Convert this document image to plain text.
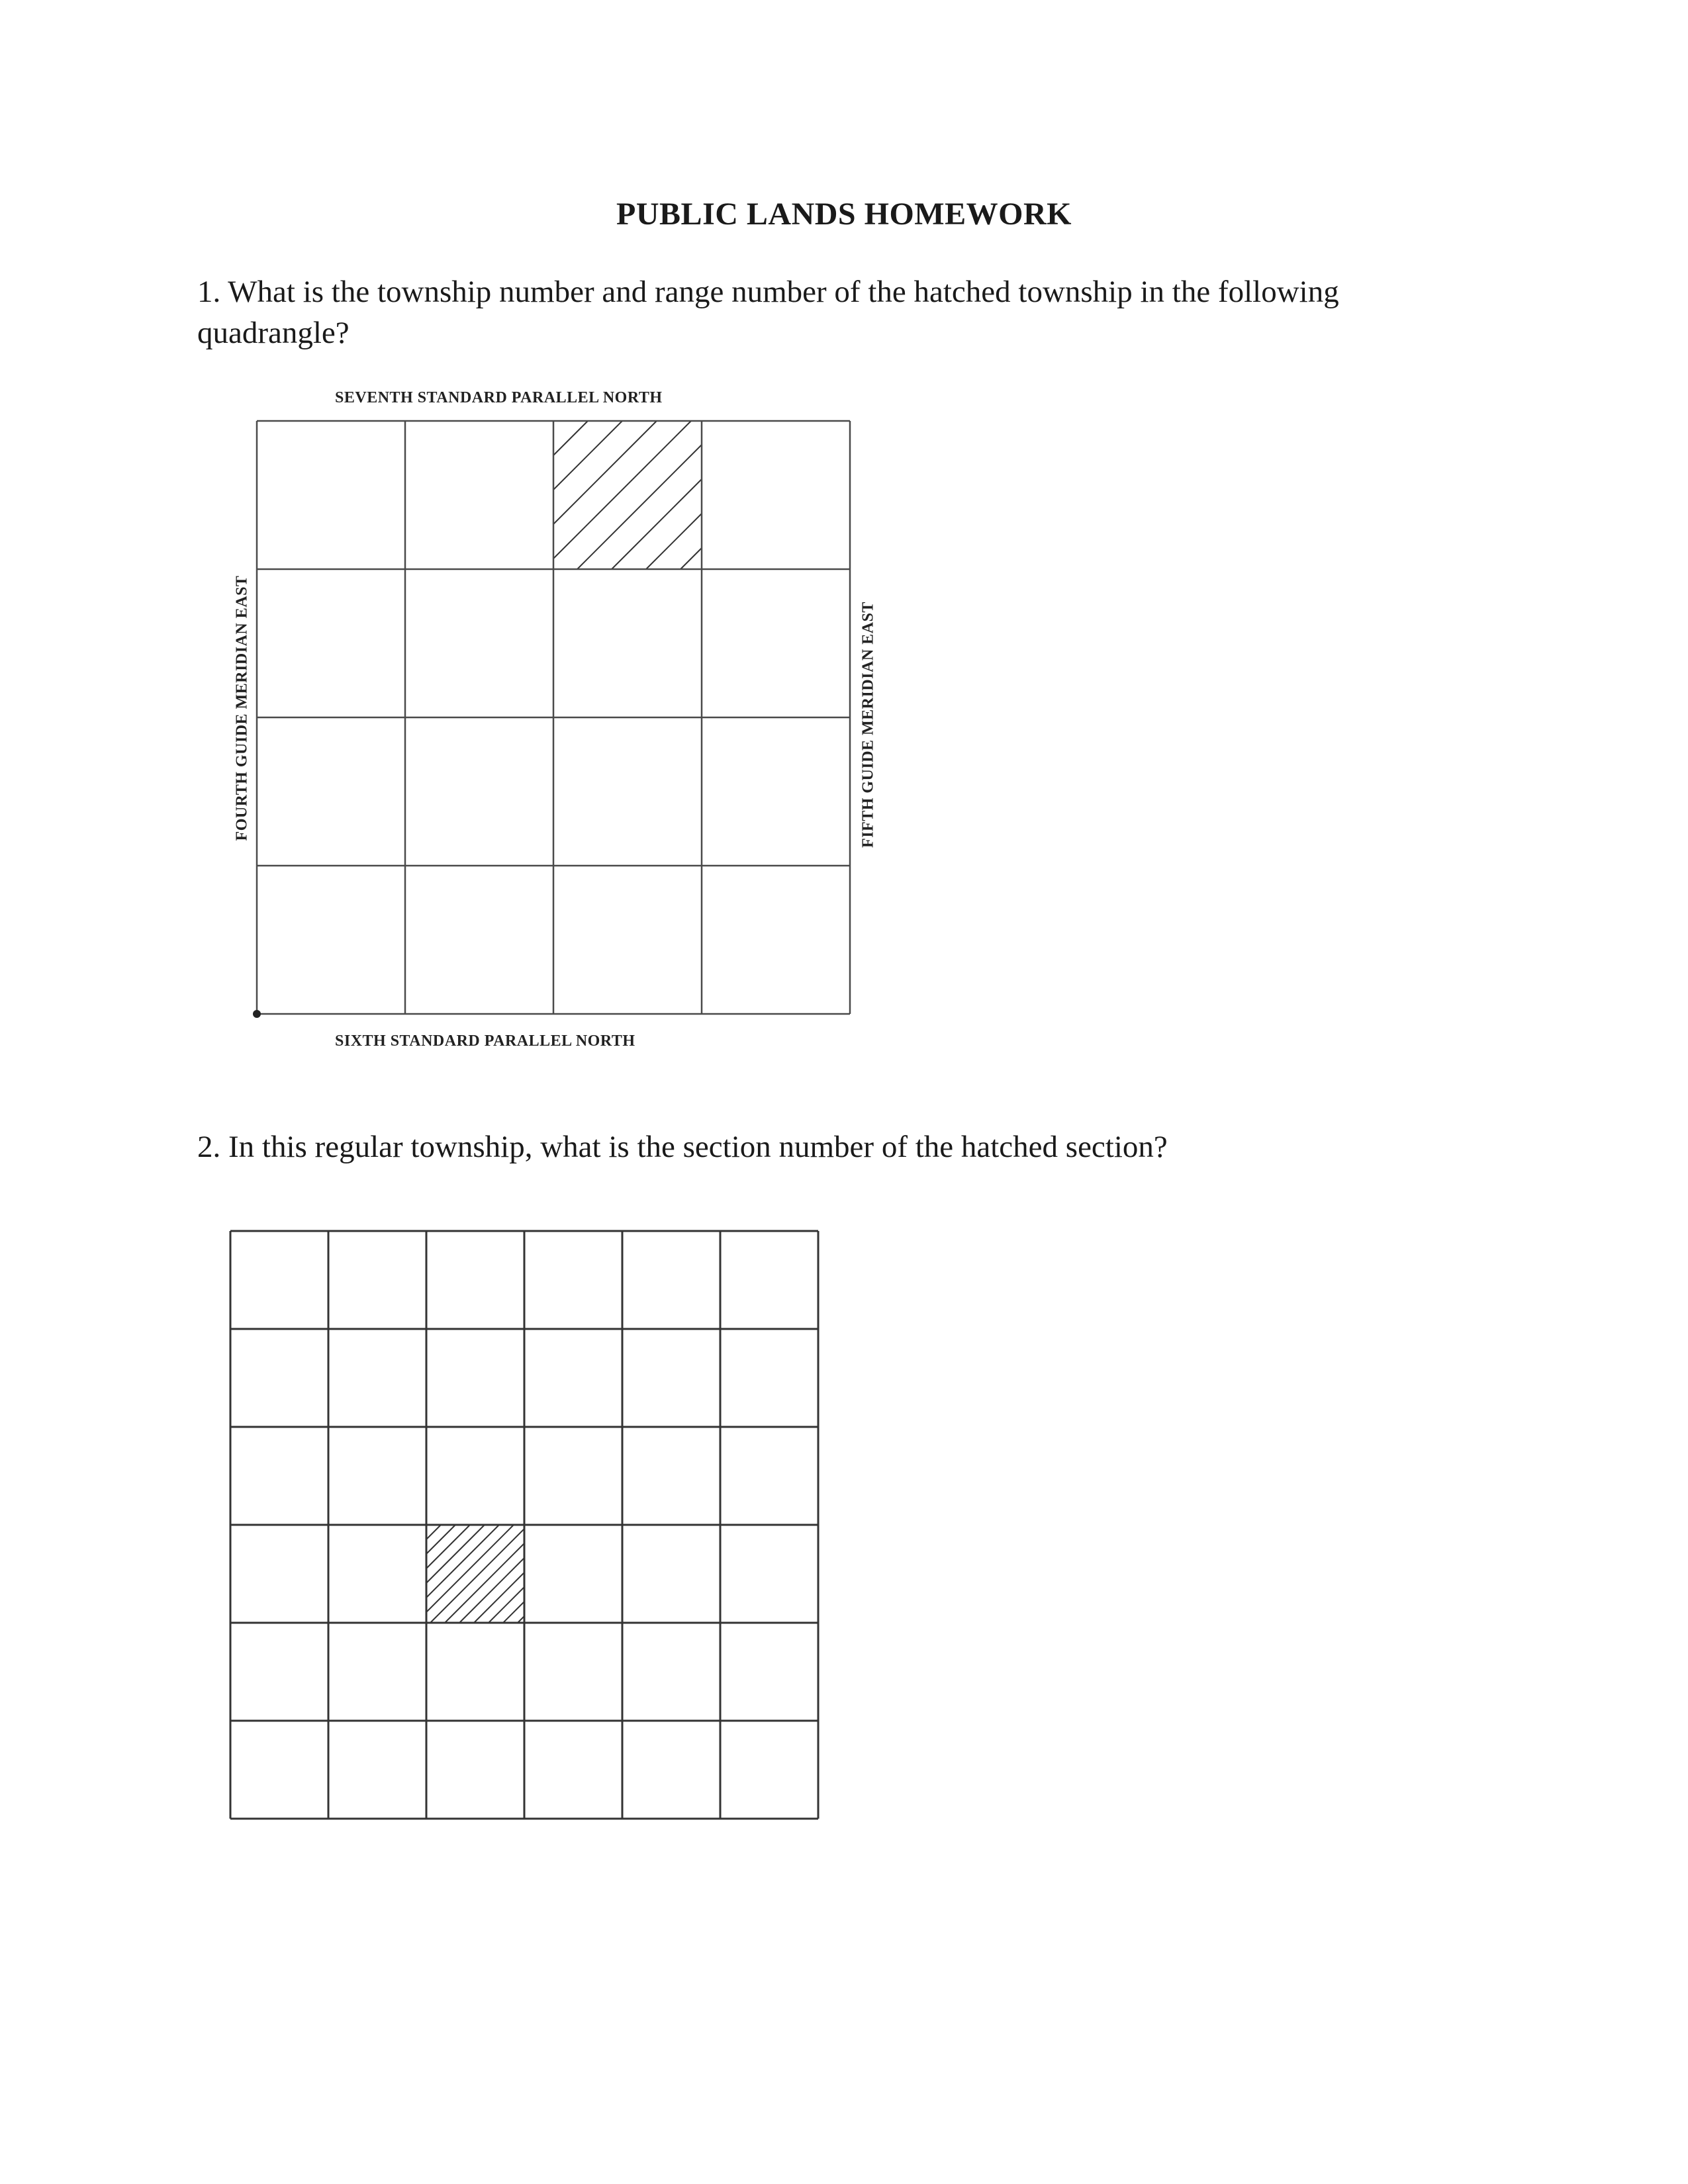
PUBLIC LANDS HOMEWORK
1. What is the township number and range number of the hatched township in the following quadrangle?
SEVENTH STANDARD PARALLEL NORTH
SIXTH STANDARD PARALLEL NORTH
FOURTH GUIDE MERIDIAN EAST	FIFTH GUIDE MERIDIAN EAST
2. In this regular township, what is the section number of the hatched section?
